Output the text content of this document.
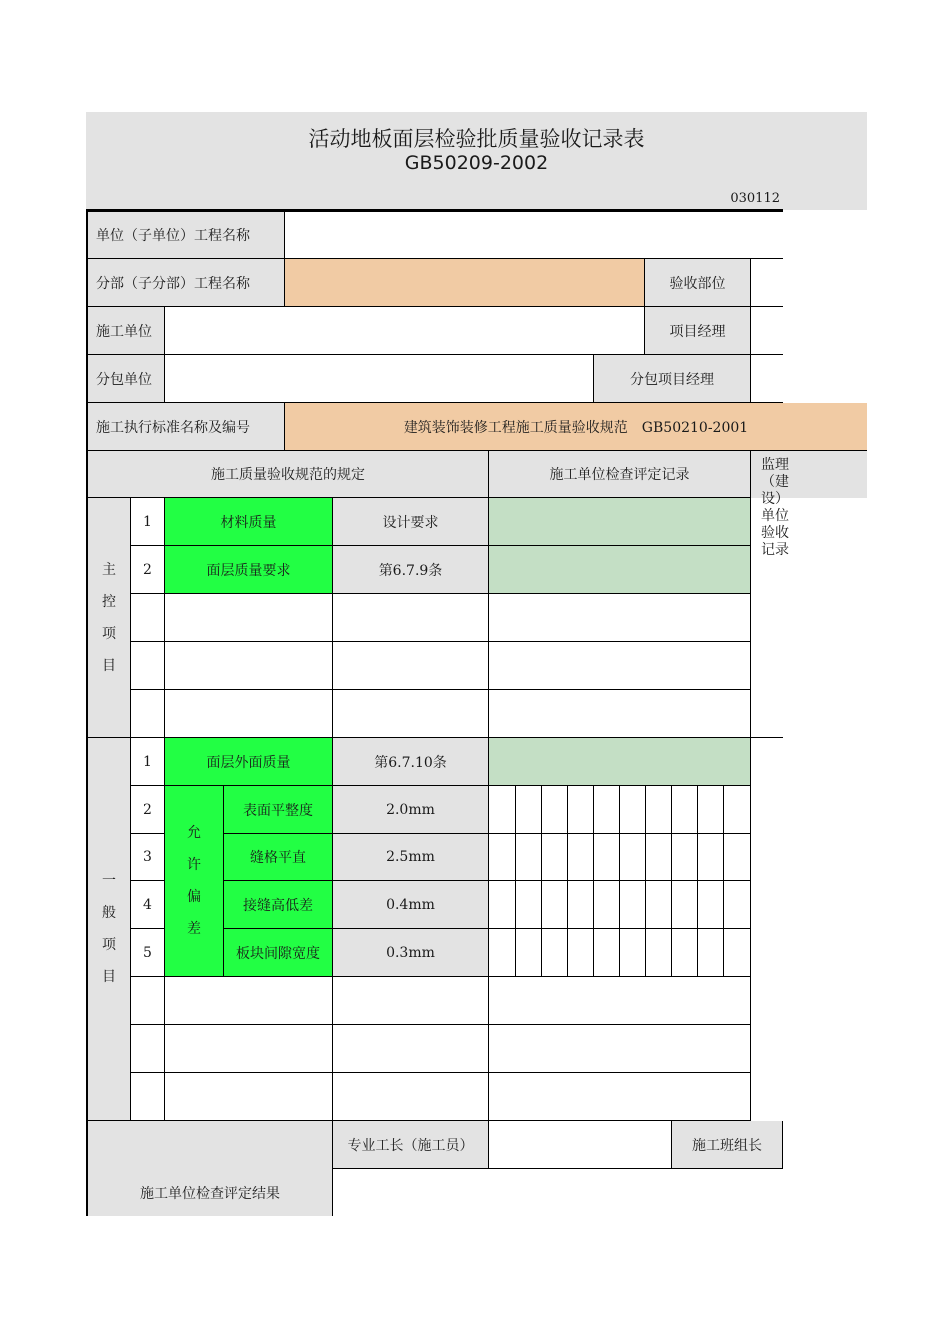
活动地板面层检验批质量验收记录表
GB50209-2002
030112
单位（子单位）工程名称
分部（子分部）工程名称	验收部位
施工单位	项目经理
分包单位	分包项目经理
施工执行标准名称及编号	建筑装饰装修工程施工质量验收规范　GB50210-2001
施工质量验收规范的规定	施工单位检查评定记录
监理（建设）单位验收记录
主
控
项
目
1	材料质量	设计要求
2	面层质量要求	第6.7.9条
一
般
项
目
1	面层外面质量	第6.7.10条
允
许
偏
差
2	表面平整度	2.0mm
3	缝格平直	2.5mm
4	接缝高低差	0.4mm
5	板块间隙宽度	0.3mm
施工单位检查评定结果
专业工长（施工员）	施工班组长
